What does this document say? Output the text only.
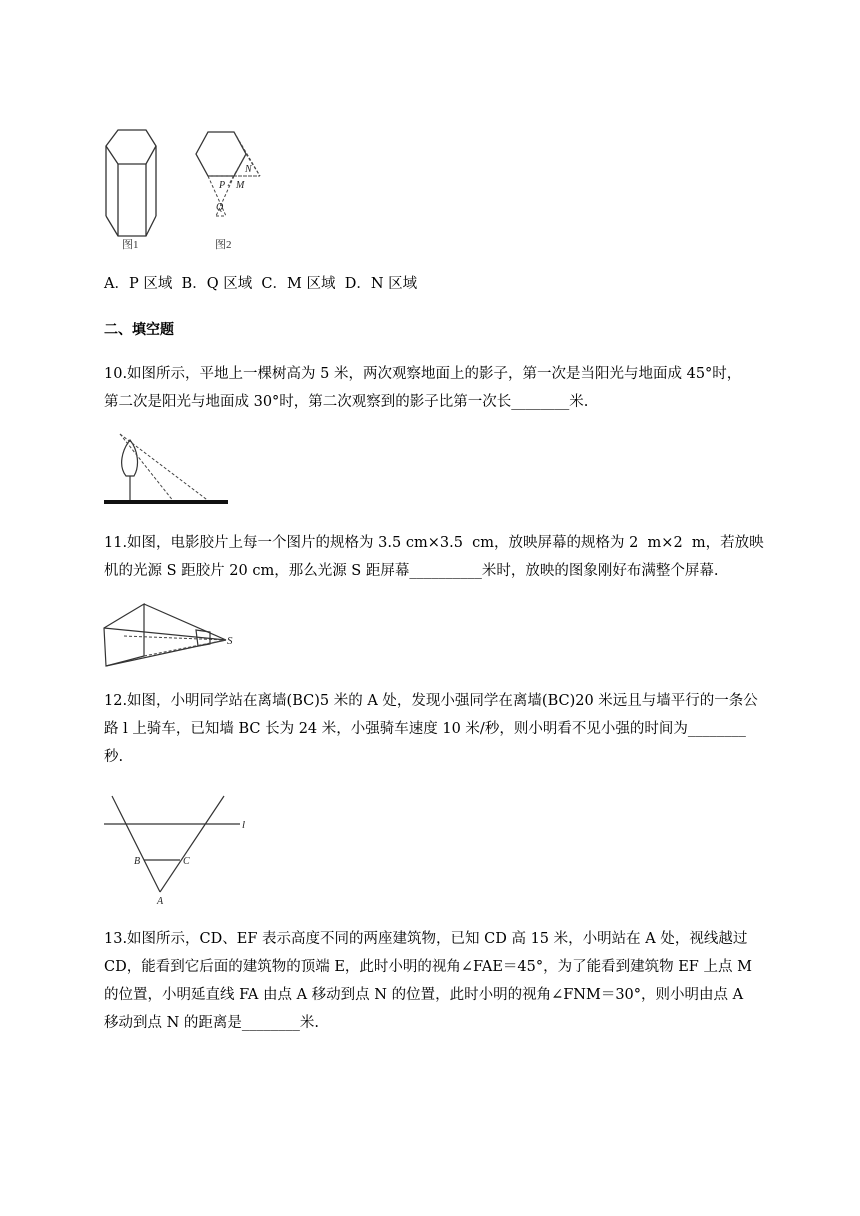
图1
N
P M
Q
图2
A．P 区域  B．Q 区域  C．M 区域  D．N 区域
二、填空题
10.如图所示，平地上一棵树高为 5 米，两次观察地面上的影子，第一次是当阳光与地面成 45°时，
第二次是阳光与地面成 30°时，第二次观察到的影子比第一次长________米.
11.如图，电影胶片上每一个图片的规格为 3.5 cm×3.5  cm，放映屏幕的规格为 2  m×2  m，若放映
机的光源 S 距胶片 20 cm，那么光源 S 距屏幕__________米时，放映的图象刚好布满整个屏幕.
S
12.如图，小明同学站在离墙(BC)5 米的 A 处，发现小强同学在离墙(BC)20 米远且与墙平行的一条公
路 l 上骑车，已知墙 BC 长为 24 米，小强骑车速度 10 米/秒，则小明看不见小强的时间为________
秒.
l
B	C
A
13.如图所示，CD、EF 表示高度不同的两座建筑物，已知 CD 高 15 米，小明站在 A 处，视线越过
CD，能看到它后面的建筑物的顶端 E，此时小明的视角∠FAE＝45°，为了能看到建筑物 EF 上点 M
的位置，小明延直线 FA 由点 A 移动到点 N 的位置，此时小明的视角∠FNM＝30°，则小明由点 A
移动到点 N 的距离是________米.
